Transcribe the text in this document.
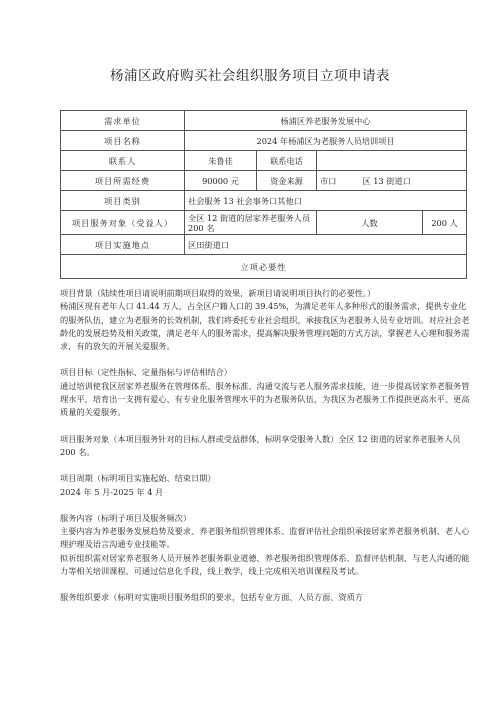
杨浦区政府购买社会组织服务项目立项申请表
需求单位	杨浦区养老服务发展中心			
项目名称	2024 年杨浦区为老服务人员培训项目			
联系人	朱鲁佳	联系电话		
项目所需经费	90000 元	资金来源	市口          区 13 街道口	
项目类别	社会服务 13 社会事务口其他口			
项目服务对象（受益人）	全区 12 街道的居家养老服务人员 200 名		人数	200 人
项目实施地点	区田街道口			
立项必要性				

项目背景（陆续性项目请说明前期项目取得的效果，新项目请说明项目执行的必要性。）

杨浦区现有老年人口 41.44 万人，占全区户籍人口的 39.45%，为满足老年人多种形式的服务需求，提供专业化的服务队伍，建立为老服务的长效机制，我们将委托专业社会组织，承接我区为老服务人员专业培训。对应社会老龄化的发展趋势及相关政策，满足老年人的服务需求，提高解决服务管理问题的方式方法，掌握老人心理和服务需求，有的放矢的开展关爱服务。

项目目标（定性指标、定量指标与评估相结合）

通过培训使我区居家养老服务在管理体系、服务标准、沟通交流与老人服务需求技能，进一步提高居家养老服务管理水平，培育出一支拥有爱心、有专业化服务管理水平的为老服务队伍，为我区为老服务工作提供更高水平、更高质量的关爱服务。

项目服务对象（本项目服务针对的目标人群或受益群体，标明享受服务人数）全区 12 街道的居家养老服务人员 200 名。

项目周期（标明项目实施起始、结束日期）

2024 年 5 月-2025 年 4 月

服务内容（标明子项目及服务频次）

主要内容为养老服务发展趋势及要求、养老服务组织管理体系、监督评估社会组织承接居家养老服务机制、老人心理护理及语言沟通专业技能等。

拟祈组织需对居家养老服务人员开展养老服务职业道德、养老服务组织管理体系、监督评估机制、与老人沟通的能力等相关培训课程。可通过信息化手段，线上教学，线上完成相关培训课程及考试。

服务组织要求（标明对实施项目服务组织的要求，包括专业方面、人员方面、资质方
